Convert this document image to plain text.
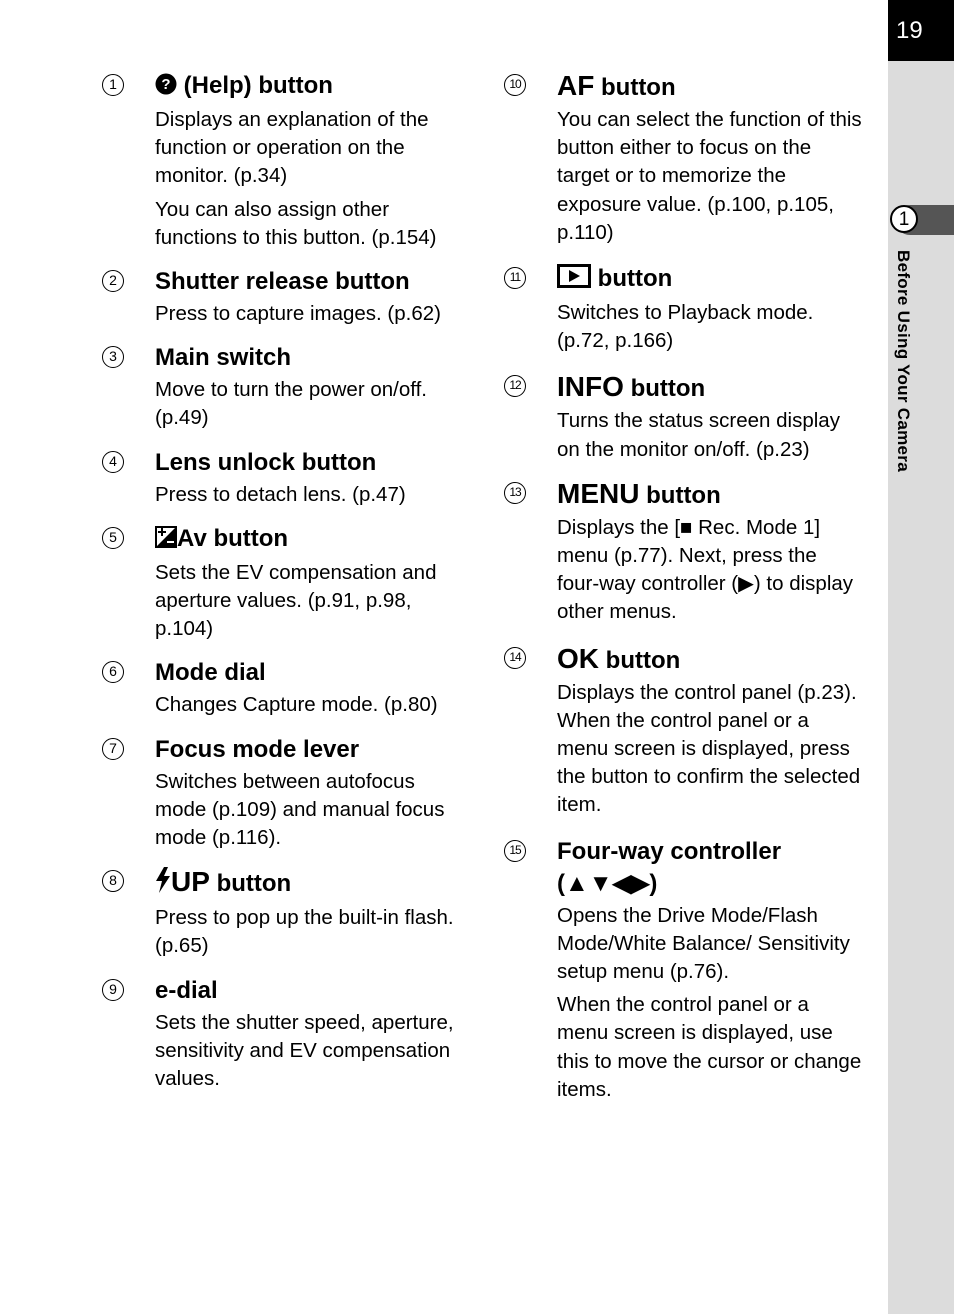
19
1
Before Using Your Camera
1	? (Help) button
Displays an explanation of the function or operation on the monitor. (p.34)
You can also assign other functions to this button. (p.154)
2 Shutter release button
Press to capture images. (p.62)
3 Main switch
Move to turn the power on/off. (p.49)
4 Lens unlock button
Press to detach lens. (p.47)
5	Av button
Sets the EV compensation and aperture values. (p.91, p.98, p.104)
6 Mode dial
Changes Capture mode. (p.80)
7 Focus mode lever
Switches between autofocus mode (p.109) and manual focus mode (p.116).
8	UP button
Press to pop up the built-in flash. (p.65)
9 e-dial
Sets the shutter speed, aperture, sensitivity and EV compensation values.
10 AF button
You can select the function of this button either to focus on the target or to memorize the exposure value. (p.100, p.105, p.110)
11	button
Switches to Playback mode. (p.72, p.166)
12 INFO button
Turns the status screen display on the monitor on/off. (p.23)
13 MENU button
Displays the [■ Rec. Mode 1] menu (p.77). Next, press the four-way controller (▶) to display other menus.
14 OK button
Displays the control panel (p.23). When the control panel or a menu screen is displayed, press the button to confirm the selected item.
15 Four-way controller (▲▼◀▶)
Opens the Drive Mode/Flash Mode/White Balance/ Sensitivity setup menu (p.76).
When the control panel or a menu screen is displayed, use this to move the cursor or change items.
